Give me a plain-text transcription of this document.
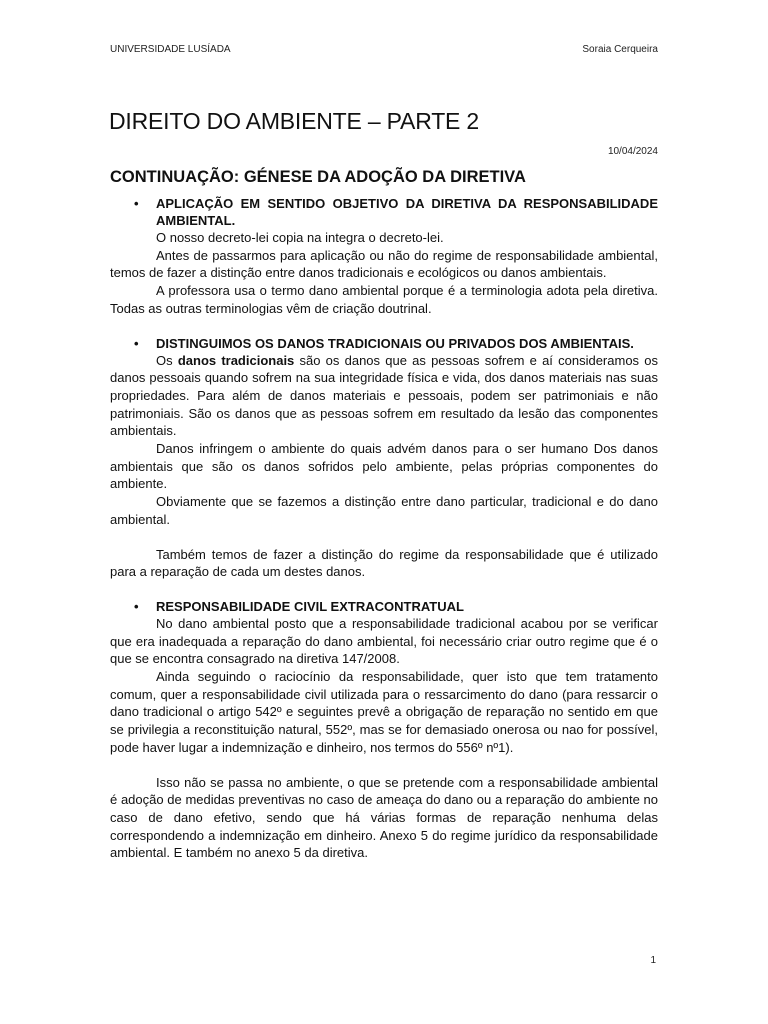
UNIVERSIDADE LUSÍADA	Soraia Cerqueira
DIREITO DO AMBIENTE – PARTE 2
10/04/2024
CONTINUAÇÃO: GÉNESE DA ADOÇÃO DA DIRETIVA
• APLICAÇÃO EM SENTIDO OBJETIVO DA DIRETIVA DA RESPONSABILIDADE AMBIENTAL.

O nosso decreto-lei copia na integra o decreto-lei.

Antes de passarmos para aplicação ou não do regime de responsabilidade ambiental, temos de fazer a distinção entre danos tradicionais e ecológicos ou danos ambientais.

A professora usa o termo dano ambiental porque é a terminologia adota pela diretiva. Todas as outras terminologias vêm de criação doutrinal.

• DISTINGUIMOS OS DANOS TRADICIONAIS OU PRIVADOS DOS AMBIENTAIS.

Os danos tradicionais são os danos que as pessoas sofrem e aí consideramos os danos pessoais quando sofrem na sua integridade física e vida, dos danos materiais nas suas propriedades. Para além de danos materiais e pessoais, podem ser patrimoniais e não patrimoniais. São os danos que as pessoas sofrem em resultado da lesão das componentes ambientais.

Danos infringem o ambiente do quais advém danos para o ser humano Dos danos ambientais que são os danos sofridos pelo ambiente, pelas próprias componentes do ambiente.

Obviamente que se fazemos a distinção entre dano particular, tradicional e do dano ambiental.

Também temos de fazer a distinção do regime da responsabilidade que é utilizado para a reparação de cada um destes danos.

• RESPONSABILIDADE CIVIL EXTRACONTRATUAL

No dano ambiental posto que a responsabilidade tradicional acabou por se verificar que era inadequada a reparação do dano ambiental, foi necessário criar outro regime que é o que se encontra consagrado na diretiva 147/2008.

Ainda seguindo o raciocínio da responsabilidade, quer isto que tem tratamento comum, quer a responsabilidade civil utilizada para o ressarcimento do dano (para ressarcir o dano tradicional o artigo 542º e seguintes prevê a obrigação de reparação no sentido em que se privilegia a reconstituição natural, 552º, mas se for demasiado onerosa ou nao for possível, pode haver lugar a indemnização e dinheiro, nos termos do 556º nº1).

Isso não se passa no ambiente, o que se pretende com a responsabilidade ambiental é adoção de medidas preventivas no caso de ameaça do dano ou a reparação do ambiente no caso de dano efetivo, sendo que há várias formas de reparação nenhuma delas correspondendo a indemnização em dinheiro. Anexo 5 do regime jurídico da responsabilidade ambiental. E também no anexo 5 da diretiva.

1
